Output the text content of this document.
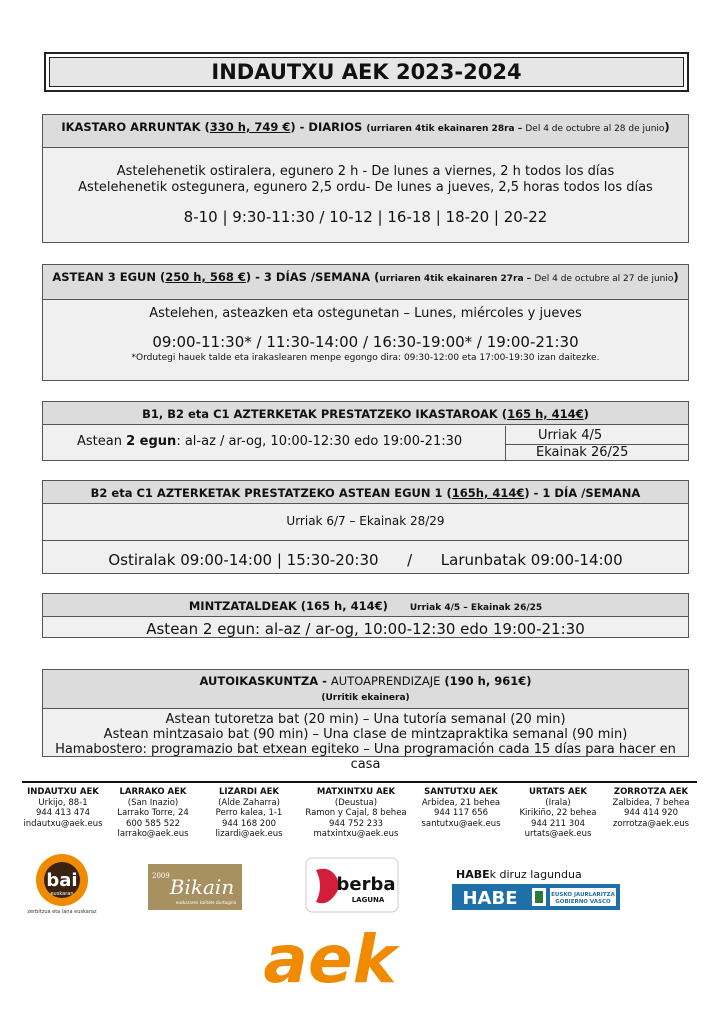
INDAUTXU AEK 2023-2024
IKASTARO ARRUNTAK (330 h, 749 €) - DIARIOS (urriaren 4tik ekainaren 28ra – Del 4 de octubre al 28 de junio)
Astelehenetik ostiralera, egunero 2 h - De lunes a viernes, 2 h todos los días
Astelehenetik ostegunera, egunero 2,5 ordu- De lunes a jueves, 2,5 horas todos los días
8-10 | 9:30-11:30 / 10-12 | 16-18 | 18-20 | 20-22
ASTEAN 3 EGUN (250 h, 568 €) - 3 DÍAS /SEMANA (urriaren 4tik ekainaren 27ra – Del 4 de octubre al 27 de junio)
Astelehen, asteazken eta ostegunetan – Lunes, miércoles y jueves
09:00-11:30* / 11:30-14:00 / 16:30-19:00* / 19:00-21:30
*Ordutegi hauek talde eta irakaslearen menpe egongo dira: 09:30-12:00 eta 17:00-19:30 izan daitezke.
B1, B2 eta C1 AZTERKETAK PRESTATZEKO IKASTAROAK (165 h, 414€)
Astean 2 egun: al-az / ar-og, 10:00-12:30 edo 19:00-21:30	Urriak 4/5
Ekainak 26/25
B2 eta C1 AZTERKETAK PRESTATZEKO ASTEAN EGUN 1 (165h, 414€) - 1 DÍA /SEMANA
Urriak 6/7 – Ekainak 28/29
Ostiralak 09:00-14:00 | 15:30-20:30      /      Larunbatak 09:00-14:00
MINTZATALDEAK (165 h, 414€) Urriak 4/5 – Ekainak 26/25
Astean 2 egun: al-az / ar-og, 10:00-12:30 edo 19:00-21:30
AUTOIKASKUNTZA - AUTOAPRENDIZAJE (190 h, 961€)
(Urritik ekainera)
Astean tutoretza bat (20 min) – Una tutoría semanal (20 min)
Astean mintzasaio bat (90 min) – Una clase de mintzapraktika semanal (90 min)
Hamabostero: programazio bat etxean egiteko – Una programación cada 15 días para hacer en casa
INDAUTXU AEK
Urkijo, 88-1
944 413 474
indautxu@aek.eus
LARRAKO AEK
(San Inazio)
Larrako Torre, 24
600 585 522
larrako@aek.eus
LIZARDI AEK
(Alde Zaharra)
Perro kalea, 1-1
944 168 200
lizardi@aek.eus
MATXINTXU AEK
(Deustua)
Ramon y Cajal, 8 behea
944 752 233
matxintxu@aek.eus
SANTUTXU AEK
Arbidea, 21 behea
944 117 656
santutxu@aek.eus
URTATS AEK
(Irala)
Kirikiño, 22 behea
944 211 304
urtats@aek.eus
ZORROTZA AEK
Zalbidea, 7 behea
944 414 920
zorrotza@aek.eus
bai
euskaran
zerbitzua eta lana euskaraz
2009 Bikain
euskararen kalitate ziurtagiria
berba
LAGUNA
HABEk diruz lagundua
HABE	EUSKO JAURLARITZA
GOBIERNO VASCO
aek
